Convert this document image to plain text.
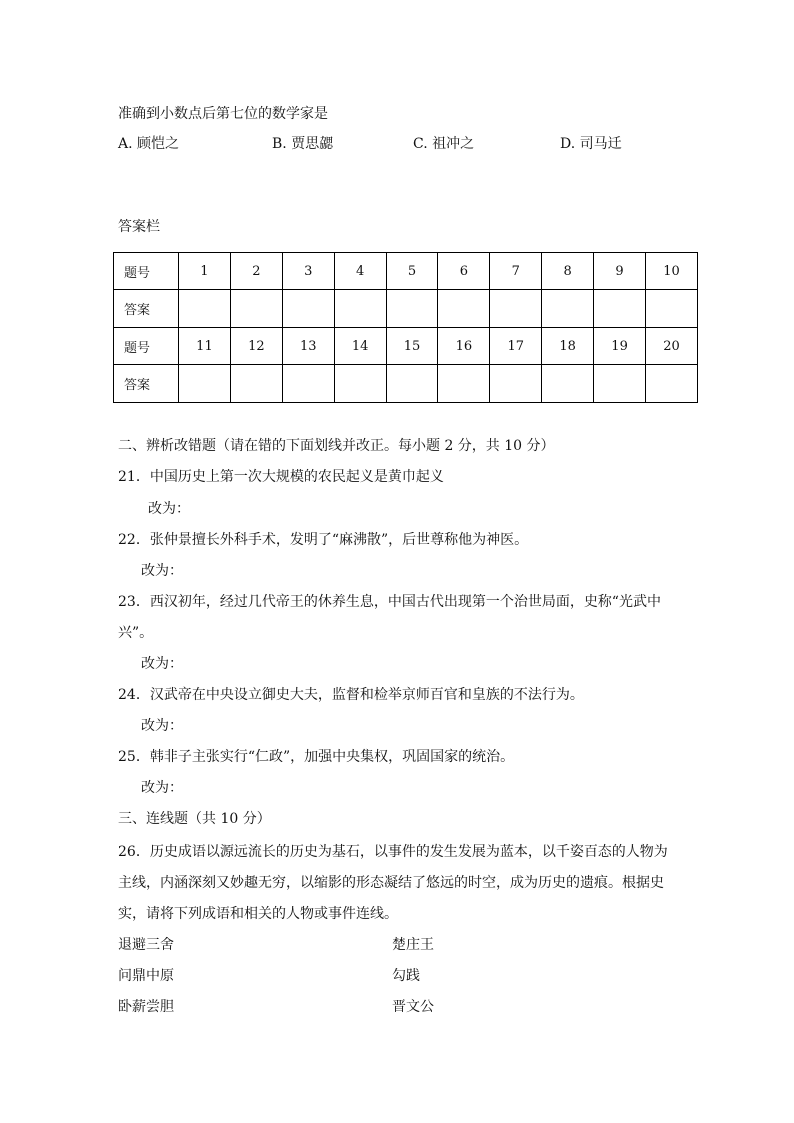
准确到小数点后第七位的数学家是
A. 顾恺之	B. 贾思勰	C. 祖冲之	D. 司马迁
答案栏
题号	1	2	3	4	5	6	7	8	9	10
答案										
题号	11	12	13	14	15	16	17	18	19	20
答案										
二、辨析改错题（请在错的下面划线并改正。每小题 2 分，共 10 分）
21．中国历史上第一次大规模的农民起义是黄巾起义
改为：
22．张仲景擅长外科手术，发明了“麻沸散”，后世尊称他为神医。
改为：
23．西汉初年，经过几代帝王的休养生息，中国古代出现第一个治世局面，史称“光武中
兴”。
改为：
24．汉武帝在中央设立御史大夫，监督和检举京师百官和皇族的不法行为。
改为：
25．韩非子主张实行“仁政”，加强中央集权，巩固国家的统治。
改为：
三、连线题（共 10 分）
26．历史成语以源远流长的历史为基石，以事件的发生发展为蓝本，以千姿百态的人物为
主线，内涵深刻又妙趣无穷，以缩影的形态凝结了悠远的时空，成为历史的遗痕。根据史
实，请将下列成语和相关的人物或事件连线。
退避三舍	楚庄王
问鼎中原	勾践
卧薪尝胆	晋文公
